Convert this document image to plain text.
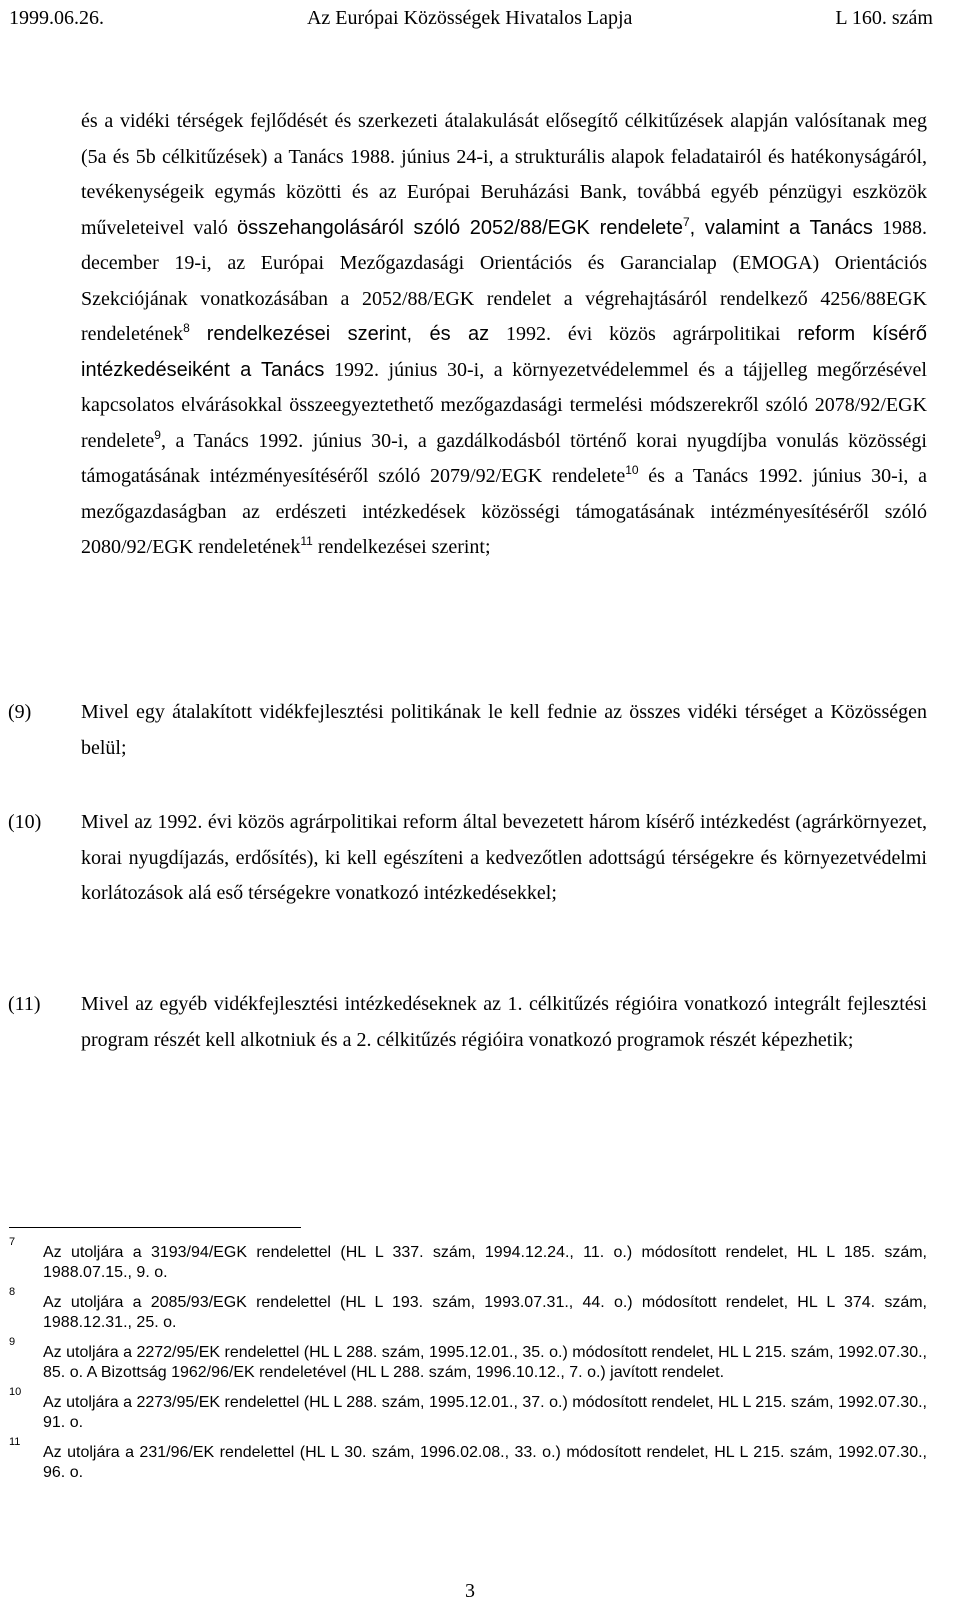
1999.06.26.	Az Európai Közösségek Hivatalos Lapja	L 160. szám

és a vidéki térségek fejlődését és szerkezeti átalakulását elősegítő célkitűzések alapján valósítanak meg (5a és 5b célkitűzések) a Tanács 1988. június 24-i, a strukturális alapok feladatairól és hatékonyságáról, tevékenységeik egymás közötti és az Európai Beruházási Bank, továbbá egyéb pénzügyi eszközök műveleteivel való összehangolásáról szóló 2052/88/EGK rendelete$^7$, valamint a Tanács 1988. december 19-i, az Európai Mezőgazdasági Orientációs és Garancialap (EMOGA) Orientációs Szekciójának vonatkozásában a 2052/88/EGK rendelet a végrehajtásáról rendelkező 4256/88EGK rendeletének$^8$ rendelkezései szerint, és az 1992. évi közös agrárpolitikai reform kísérő intézkedéseiként a Tanács 1992. június 30-i, a környezetvédelemmel és a tájjelleg megőrzésével kapcsolatos elvárásokkal összeegyeztethető mezőgazdasági termelési módszerekről szóló 2078/92/EGK rendelete$^9$, a Tanács 1992. június 30-i, a gazdálkodásból történő korai nyugdíjba vonulás közösségi támogatásának intézményesítéséről szóló 2079/92/EGK rendelete$^{10}$ és a Tanács 1992. június 30-i, a mezőgazdaságban az erdészeti intézkedések közösségi támogatásának intézményesítéséről szóló 2080/92/EGK rendeletének$^{11}$ rendelkezései szerint;

(9)	Mivel egy átalakított vidékfejlesztési politikának le kell fednie az összes vidéki térséget a Közösségen belül;
(10)	Mivel az 1992. évi közös agrárpolitikai reform által bevezetett három kísérő intézkedést (agrárkörnyezet, korai nyugdíjazás, erdősítés), ki kell egészíteni a kedvezőtlen adottságú térségekre és környezetvédelmi korlátozások alá eső térségekre vonatkozó intézkedésekkel;
(11)	Mivel az egyéb vidékfejlesztési intézkedéseknek az 1. célkitűzés régióira vonatkozó integrált fejlesztési program részét kell alkotniuk és a 2. célkitűzés régióira vonatkozó programok részét képezhetik;
7
Az utoljára a 3193/94/EGK rendelettel (HL L 337. szám, 1994.12.24., 11. o.) módosított rendelet, HL L 185. szám, 1988.07.15., 9. o.
8
Az utoljára a 2085/93/EGK rendelettel (HL L 193. szám, 1993.07.31., 44. o.) módosított rendelet, HL L 374. szám, 1988.12.31., 25. o.
9
Az utoljára a 2272/95/EK rendelettel (HL L 288. szám, 1995.12.01., 35. o.) módosított rendelet, HL L 215. szám, 1992.07.30., 85. o. A Bizottság 1962/96/EK rendeletével (HL L 288. szám, 1996.10.12., 7. o.) javított rendelet.
10
Az utoljára a 2273/95/EK rendelettel (HL L 288. szám, 1995.12.01., 37. o.) módosított rendelet, HL L 215. szám, 1992.07.30., 91. o.
11
Az utoljára a 231/96/EK rendelettel (HL L 30. szám, 1996.02.08., 33. o.) módosított rendelet, HL L 215. szám, 1992.07.30., 96. o.
3
